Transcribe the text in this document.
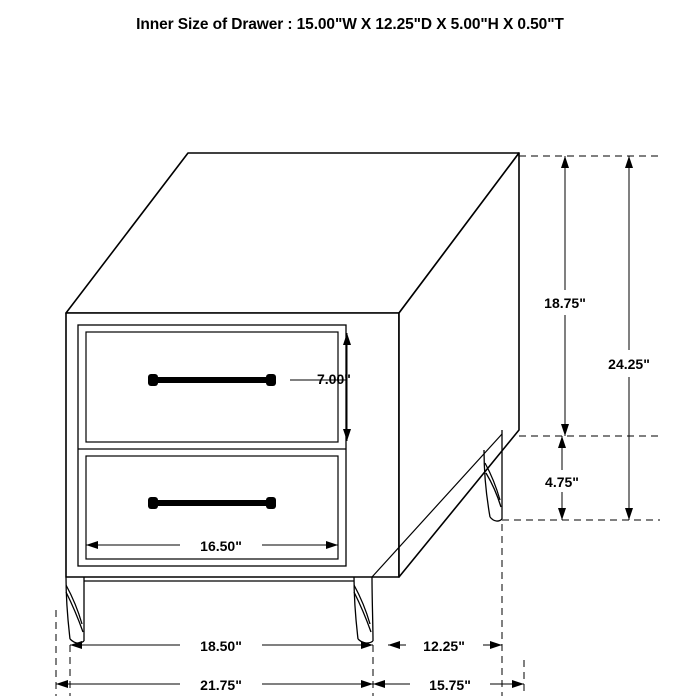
Inner Size of Drawer : 15.00"W X 12.25"D X 5.00"H X 0.50"T
7.00"
16.50"
18.75"
4.75"
24.25"
18.50"	12.25"
21.75"	15.75"
